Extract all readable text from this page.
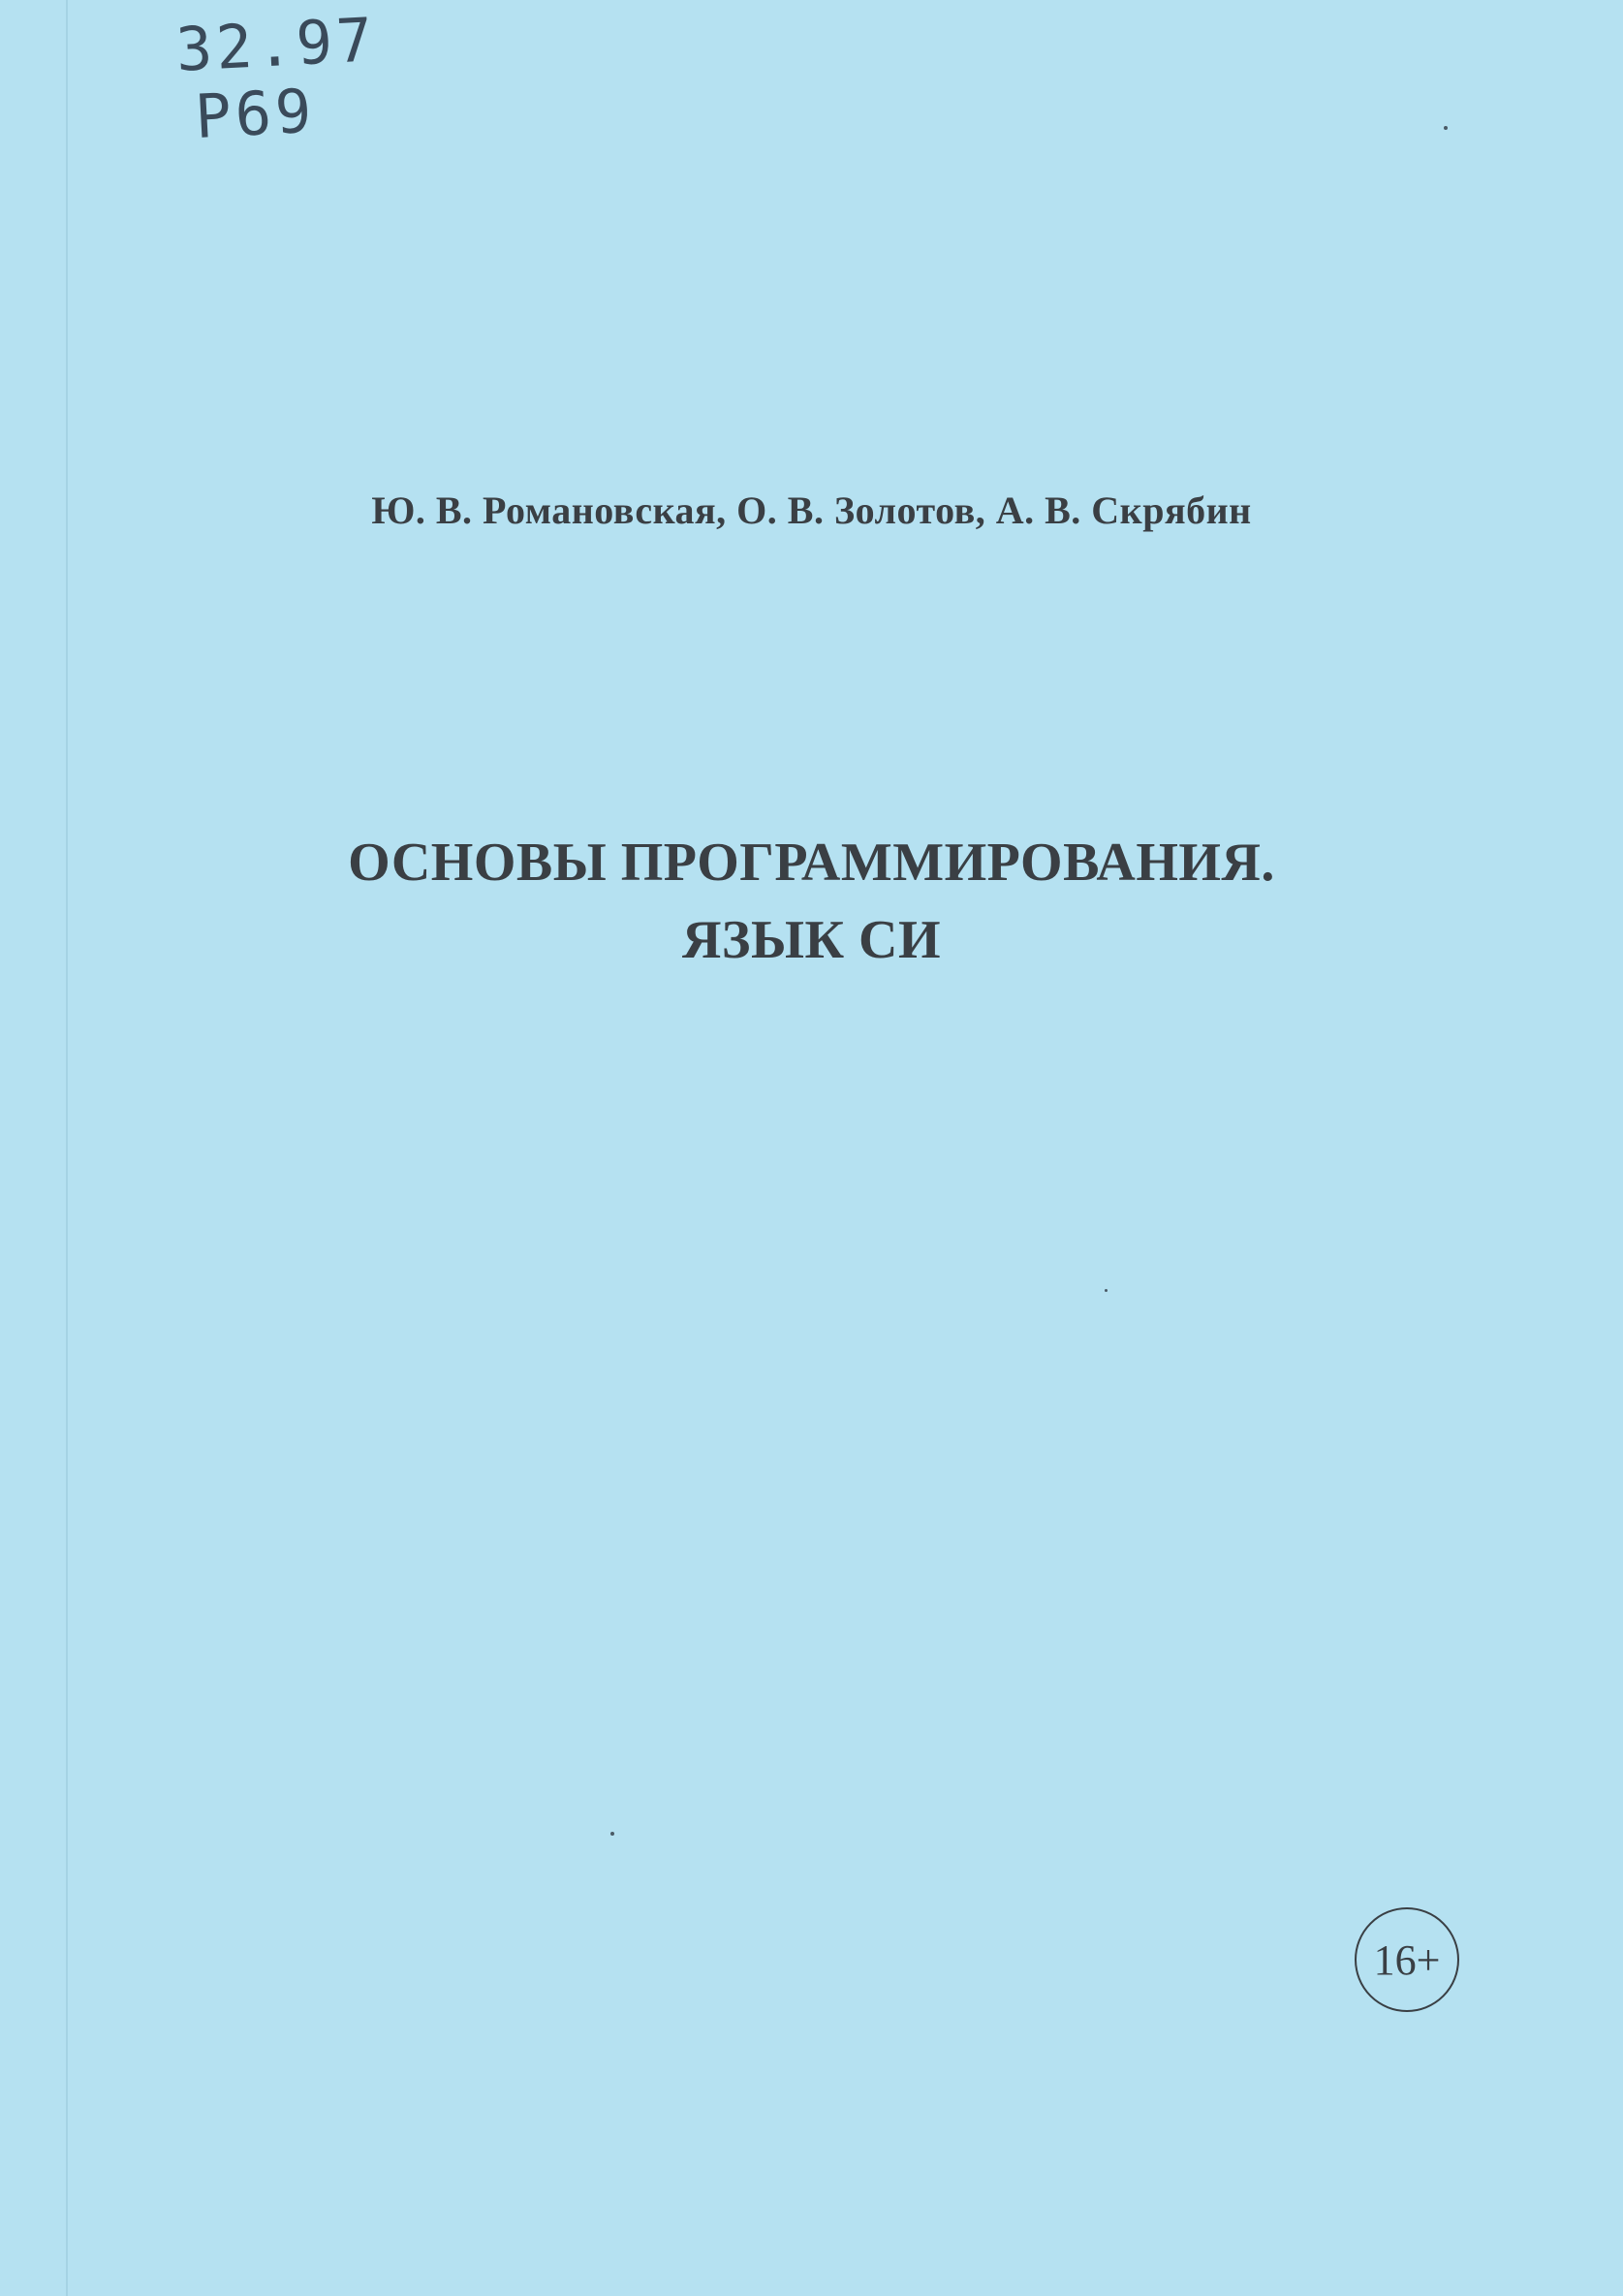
32.97
P69
Ю. В. Романовская, О. В. Золотов, А. В. Скрябин
ОСНОВЫ ПРОГРАММИРОВАНИЯ.
ЯЗЫК СИ
16+
